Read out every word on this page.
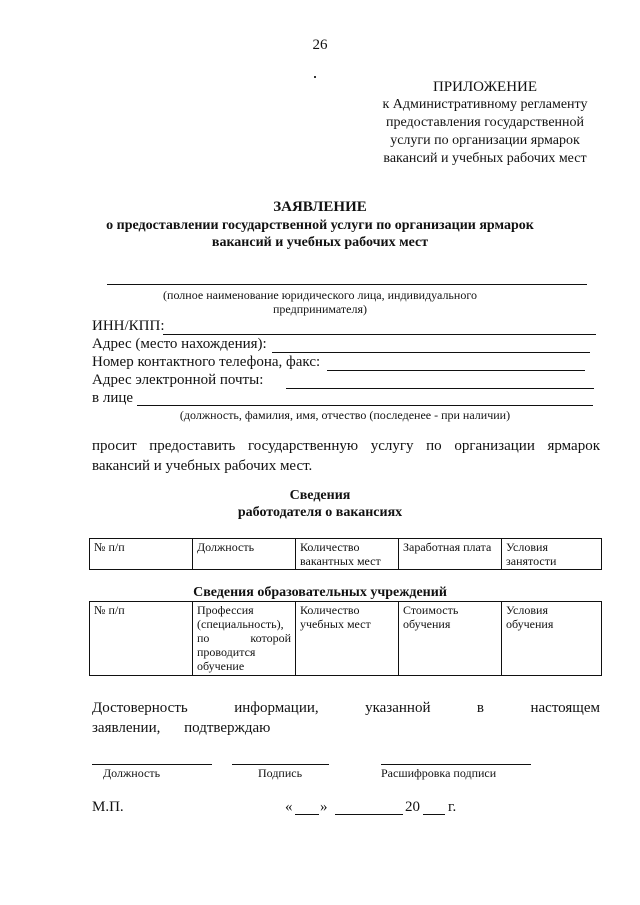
26
ПРИЛОЖЕНИЕ
к Административному регламенту
предоставления государственной
услуги по организации ярмарок
вакансий и учебных рабочих мест
ЗАЯВЛЕНИЕ
о предоставлении государственной услуги по организации ярмарок
вакансий и учебных рабочих мест
(полное наименование юридического лица, индивидуального
предпринимателя)
ИНН/КПП:
Адрес (место нахождения):
Номер контактного телефона, факс:
Адрес электронной почты:
в лице
(должность, фамилия, имя, отчество (последенее - при наличии)
просит предоставить государственную услугу по организации ярмарок вакансий и учебных рабочих мест.
Сведения
работодателя о вакансиях
№ п/п	Должность	Количество вакантных мест	Заработная плата	Условия занятости
Сведения образовательных учреждений
№ п/п	Профессия (специальность), по которой проводится обучение	Количество учебных мест	Стоимость обучения	Условия обучения
Достоверность информации, указанной в настоящем заявлении, подтверждаю
Должность	Подпись	Расшифровка подписи
М.П.	« »	20 г.
